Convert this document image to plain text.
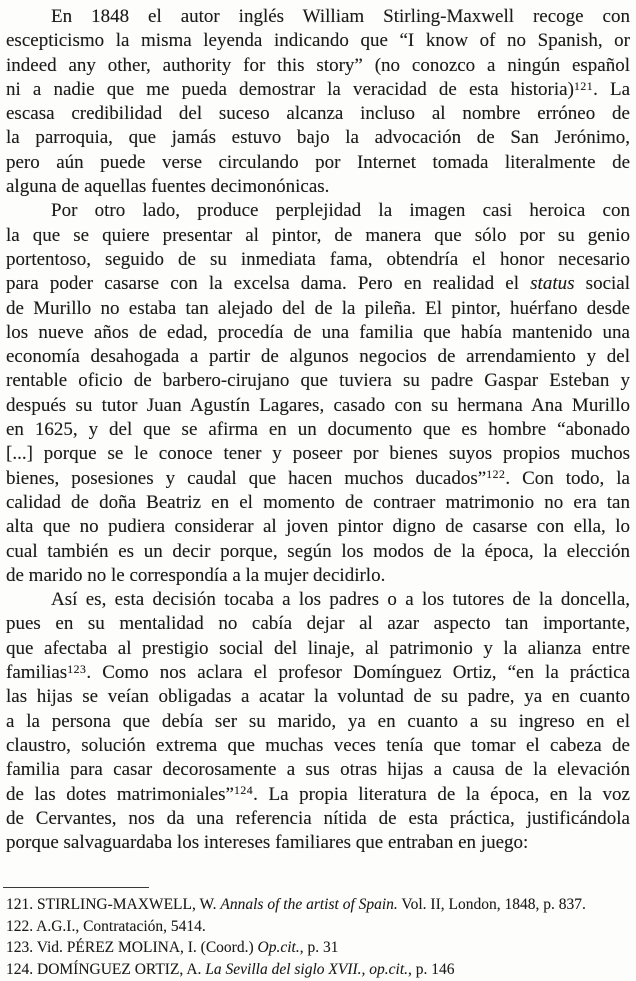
En 1848 el autor inglés William Stirling-Maxwell recoge con
escepticismo la misma leyenda indicando que “I know of no Spanish, or
indeed any other, authority for this story” (no conozco a ningún español
ni a nadie que me pueda demostrar la veracidad de esta historia)$^{121}$. La
escasa credibilidad del suceso alcanza incluso al nombre erróneo de
la parroquia, que jamás estuvo bajo la advocación de San Jerónimo,
pero aún puede verse circulando por Internet tomada literalmente de
alguna de aquellas fuentes decimonónicas.
Por otro lado, produce perplejidad la imagen casi heroica con
la que se quiere presentar al pintor, de manera que sólo por su genio
portentoso, seguido de su inmediata fama, obtendría el honor necesario
para poder casarse con la excelsa dama. Pero en realidad el status social
de Murillo no estaba tan alejado del de la pileña. El pintor, huérfano desde
los nueve años de edad, procedía de una familia que había mantenido una
economía desahogada a partir de algunos negocios de arrendamiento y del
rentable oficio de barbero-cirujano que tuviera su padre Gaspar Esteban y
después su tutor Juan Agustín Lagares, casado con su hermana Ana Murillo
en 1625, y del que se afirma en un documento que es hombre “abonado
[...] porque se le conoce tener y poseer por bienes suyos propios muchos
bienes, posesiones y caudal que hacen muchos ducados”$^{122}$. Con todo, la
calidad de doña Beatriz en el momento de contraer matrimonio no era tan
alta que no pudiera considerar al joven pintor digno de casarse con ella, lo
cual también es un decir porque, según los modos de la época, la elección
de marido no le correspondía a la mujer decidirlo.
Así es, esta decisión tocaba a los padres o a los tutores de la doncella,
pues en su mentalidad no cabía dejar al azar aspecto tan importante,
que afectaba al prestigio social del linaje, al patrimonio y la alianza entre
familias$^{123}$. Como nos aclara el profesor Domínguez Ortiz, “en la práctica
las hijas se veían obligadas a acatar la voluntad de su padre, ya en cuanto
a la persona que debía ser su marido, ya en cuanto a su ingreso en el
claustro, solución extrema que muchas veces tenía que tomar el cabeza de
familia para casar decorosamente a sus otras hijas a causa de la elevación
de las dotes matrimoniales”$^{124}$. La propia literatura de la época, en la voz
de Cervantes, nos da una referencia nítida de esta práctica, justificándola
porque salvaguardaba los intereses familiares que entraban en juego:
121. STIRLING-MAXWELL, W. Annals of the artist of Spain. Vol. II, London, 1848, p. 837.
122. A.G.I., Contratación, 5414.
123. Vid. PÉREZ MOLINA, I. (Coord.) Op.cit., p. 31
124. DOMÍNGUEZ ORTIZ, A. La Sevilla del siglo XVII., op.cit., p. 146
